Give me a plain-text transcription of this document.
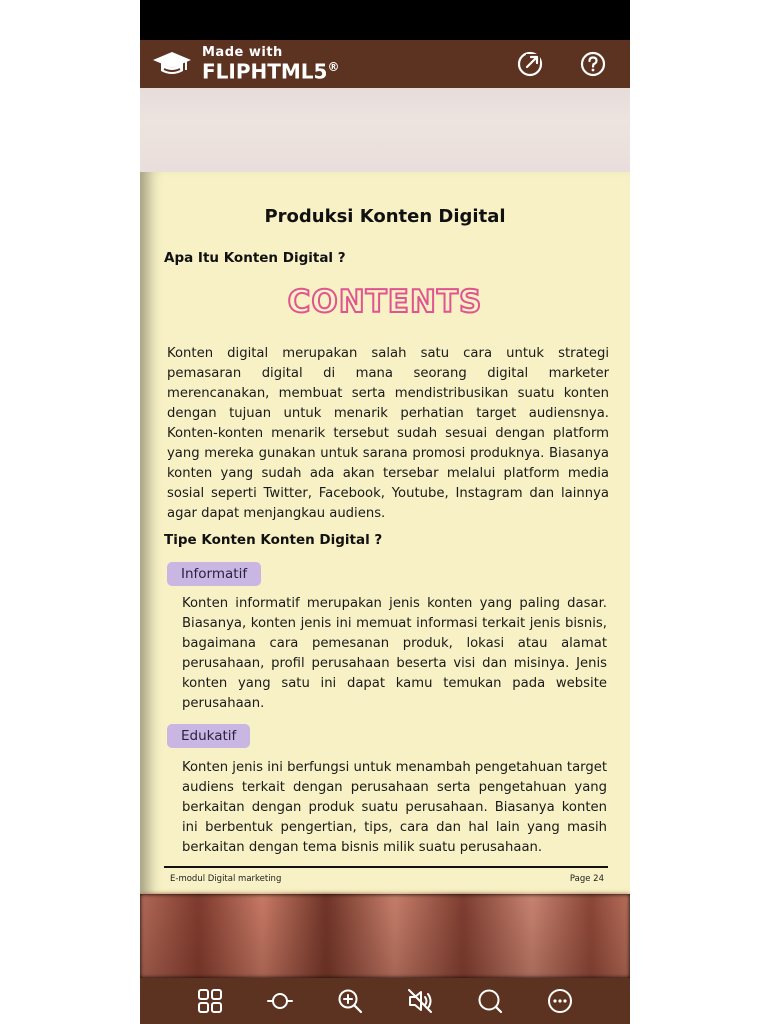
Made with
FLIPHTML5®
Produksi Konten Digital
Apa Itu Konten Digital ?
CONTENTS

Konten digital merupakan salah satu cara untuk strategi pemasaran digital di mana seorang digital marketer merencanakan, membuat serta mendistribusikan suatu konten dengan tujuan untuk menarik perhatian target audiensnya. Konten-konten menarik tersebut sudah sesuai dengan platform yang mereka gunakan untuk sarana promosi produknya. Biasanya konten yang sudah ada akan tersebar melalui platform media sosial seperti Twitter, Facebook, Youtube, Instagram dan lainnya agar dapat menjangkau audiens.

Tipe Konten Konten Digital ?
Informatif

Konten informatif merupakan jenis konten yang paling dasar. Biasanya, konten jenis ini memuat informasi terkait jenis bisnis, bagaimana cara pemesanan produk, lokasi atau alamat perusahaan, profil perusahaan beserta visi dan misinya. Jenis konten yang satu ini dapat kamu temukan pada website perusahaan.

Edukatif

Konten jenis ini berfungsi untuk menambah pengetahuan target audiens terkait dengan perusahaan serta pengetahuan yang berkaitan dengan produk suatu perusahaan. Biasanya konten ini berbentuk pengertian, tips, cara dan hal lain yang masih berkaitan dengan tema bisnis milik suatu perusahaan.

E-modul Digital marketing	Page 24
